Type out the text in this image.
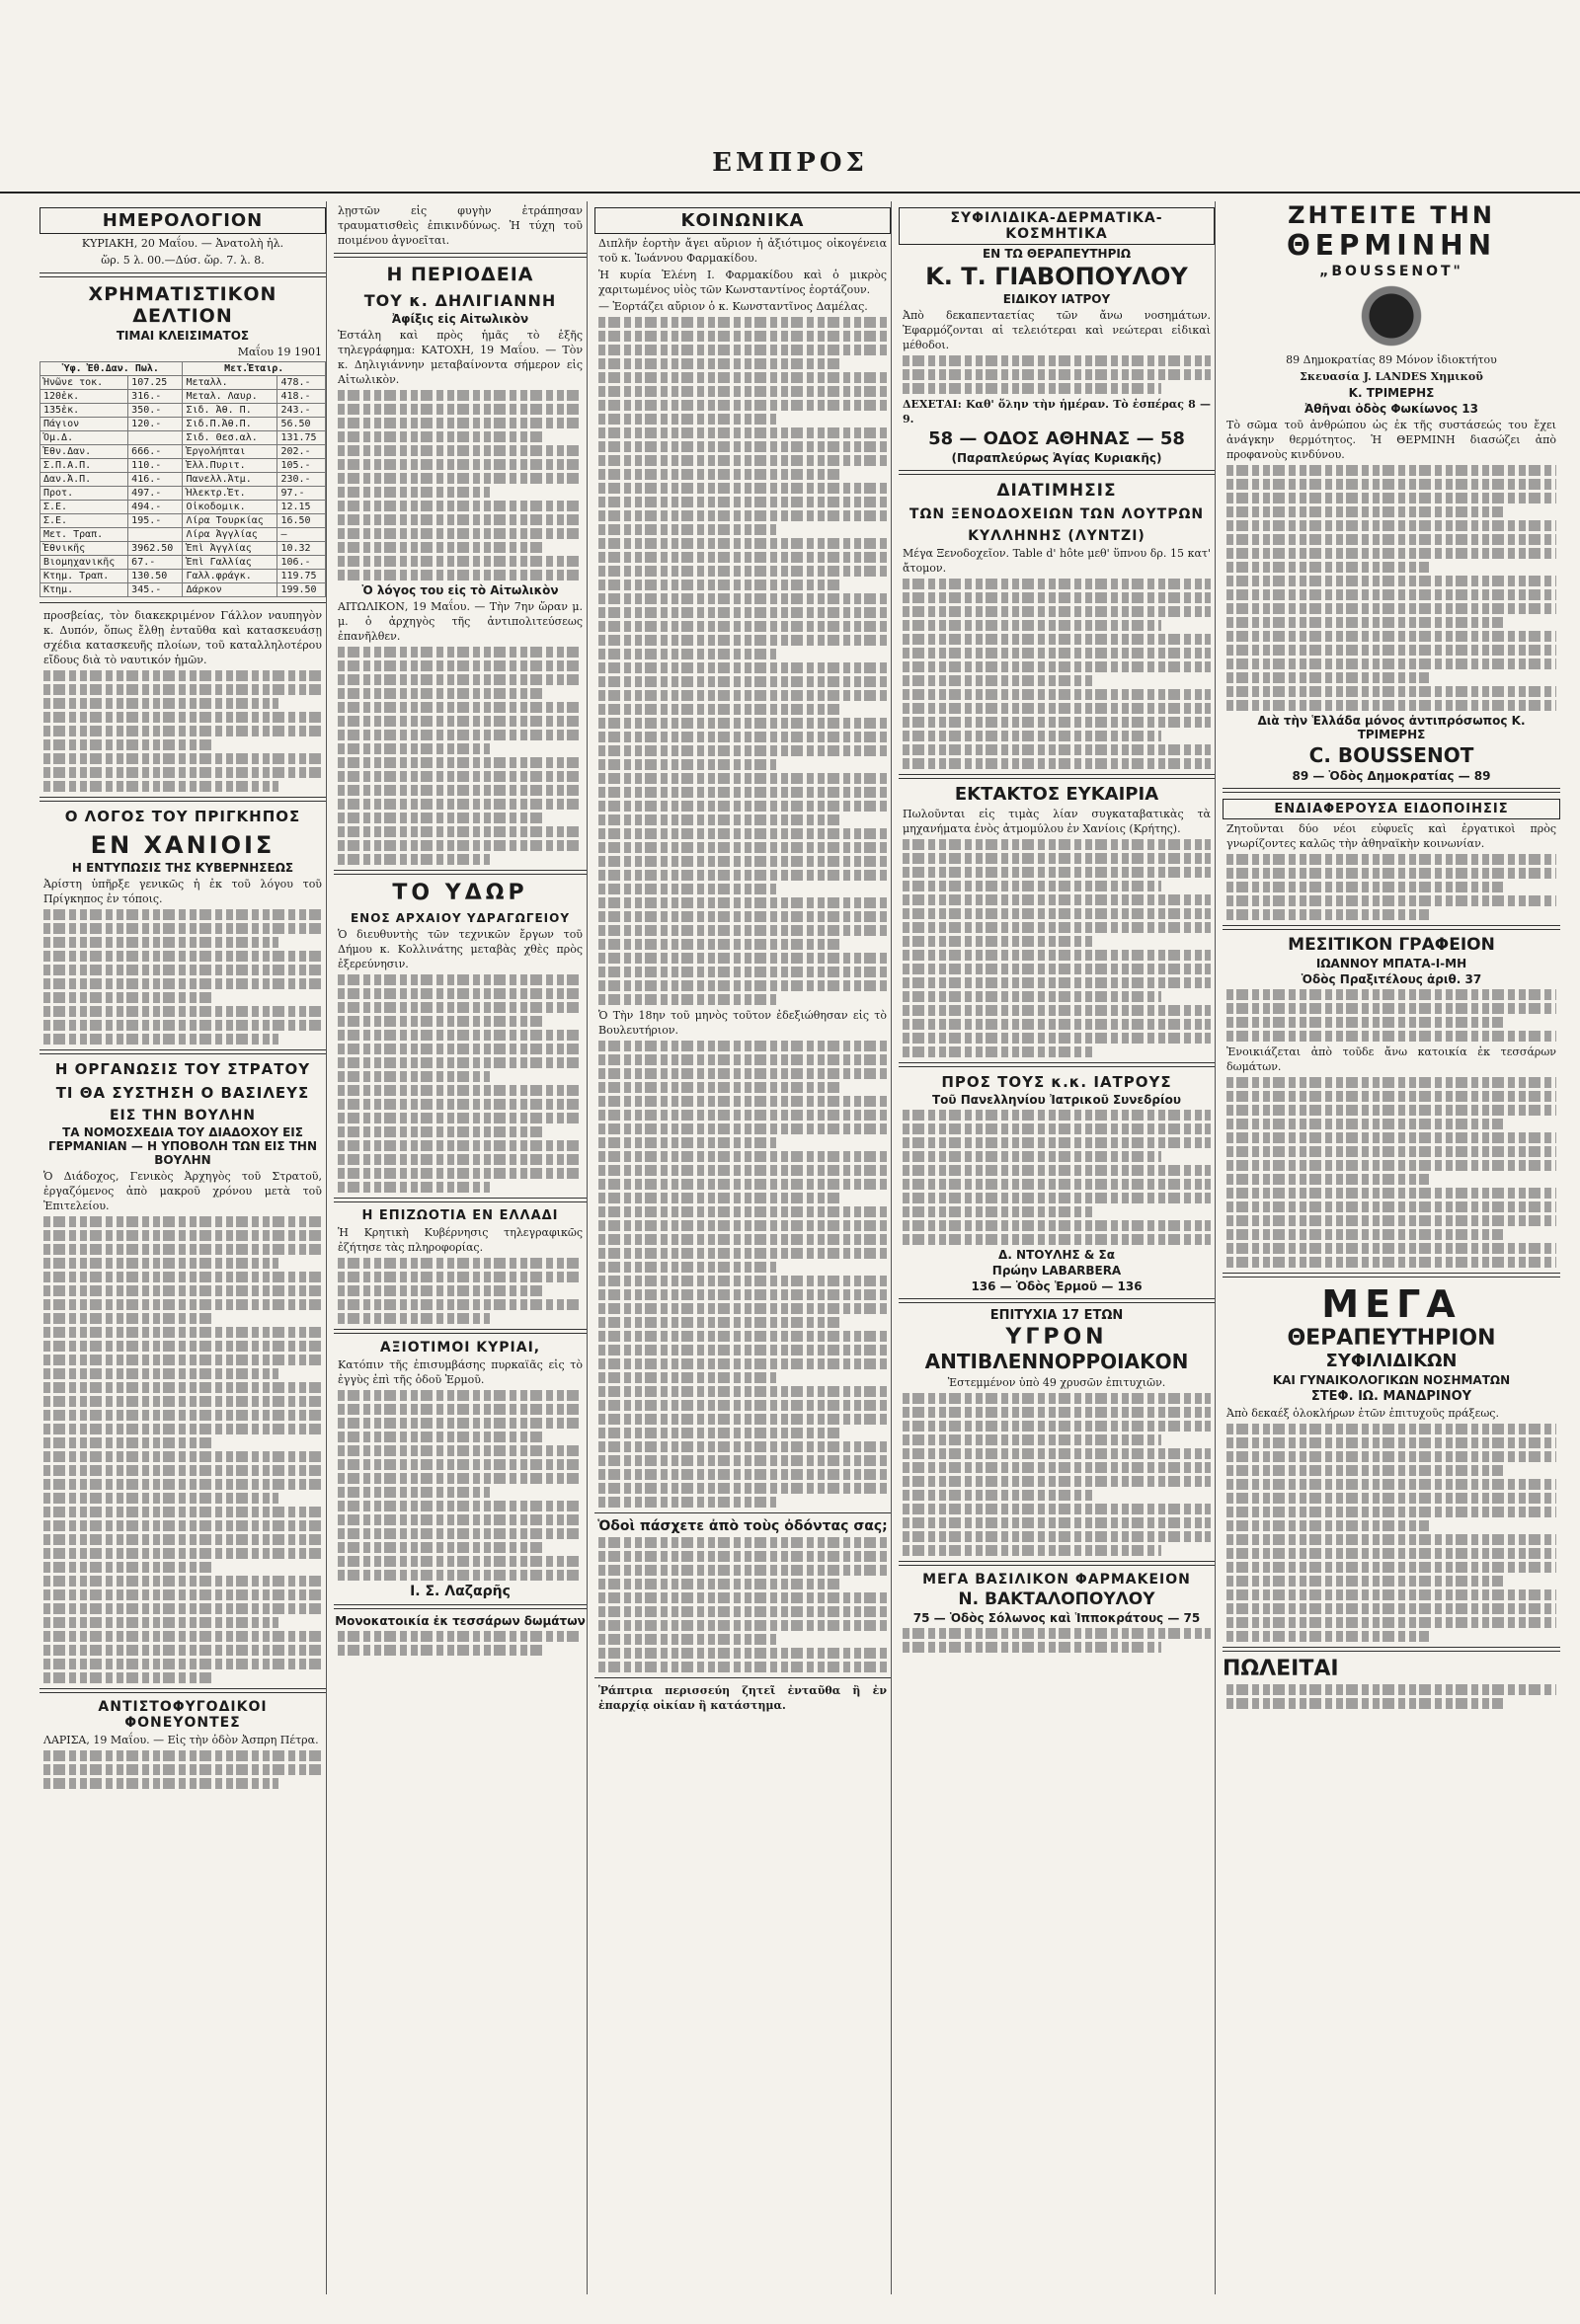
ΕΜΠΡΟΣ
ΗΜΕΡΟΛΟΓΙΟΝ
ΚΥΡΙΑΚΗ, 20 Μαΐου. — Ἀνατολὴ ἡλ.
ὥρ. 5 λ. 00.—Δύσ. ὥρ. 7. λ. 8.
ΧΡΗΜΑΤΙΣΤΙΚΟΝ ΔΕΛΤΙΟΝ
ΤΙΜΑΙ ΚΛΕΙΣΙΜΑΤΟΣ
Μαΐου 19 1901
Ὑφ. Ἐθ.Δαν. Πωλ.		Μετ.Ἑταιρ.	
Ἠνῶνε τοκ.	107.25	Μεταλλ.	478.-
120ἑκ.	316.-	Μεταλ. Λαυρ.	418.-
135ἑκ.	350.-	Σιδ. Ἀθ. Π.	243.-
Πάγιον	120.-	Σιδ.Π.Ἀθ.Π.	56.50
Ὁμ.Δ.		Σιδ. Θεσ.αλ.	131.75
Ἐθν.Δαν.	666.-	Ἐργολήπται	202.-
Σ.Π.Α.Π.	110.-	Ἑλλ.Πυριτ.	105.-
Δαν.Ἀ.Π.	416.-	Πανελλ.Ἀτμ.	230.-
Προτ.	497.-	Ἠλεκτρ.Ἑτ.	97.-
Σ.Ε.	494.-	Οἰκοδομικ.	12.15
Σ.Ε.	195.-	Λίρα Τουρκίας	16.50
Μετ. Τραπ.		Λίρα Ἀγγλίας	—
Ἐθνικῆς	3962.50	Ἐπὶ Ἀγγλίας	10.32
Βιομηχανικῆς	67.-	Ἐπὶ Γαλλίας	106.-
Κτημ. Τραπ.	130.50	Γαλλ.φράγκ.	119.75
Κτημ.	345.-	Δάρκον	199.50
προσβείας, τὸν διακεκριμένον Γάλλον ναυπηγὸν κ. Δυπόν, ὅπως ἔλθῃ ἐνταῦθα καὶ κατασκευάσῃ σχέδια κατασκευῆς πλοίων, τοῦ καταλληλοτέρου εἴδους διὰ τὸ ναυτικόν ἡμῶν.
Ο ΛΟΓΟΣ ΤΟΥ ΠΡΙΓΚΗΠΟΣ
ΕΝ ΧΑΝΙΟΙΣ
Η ΕΝΤΥΠΩΣΙΣ ΤΗΣ ΚΥΒΕΡΝΗΣΕΩΣ
Ἀρίστη ὑπῆρξε γενικῶς ἡ ἐκ τοῦ λόγου τοῦ Πρίγκηπος ἐν τόποις.
Η ΟΡΓΑΝΩΣΙΣ ΤΟΥ ΣΤΡΑΤΟΥ
ΤΙ ΘΑ ΣΥΣΤΗΣΗ Ο ΒΑΣΙΛΕΥΣ
ΕΙΣ ΤΗΝ ΒΟΥΛΗΝ
ΤΑ ΝΟΜΟΣΧΕΔΙΑ ΤΟΥ ΔΙΑΔΟΧΟΥ ΕΙΣ ΓΕΡΜΑΝΙΑΝ — Η ΥΠΟΒΟΛΗ ΤΩΝ ΕΙΣ ΤΗΝ ΒΟΥΛΗΝ
Ὁ Διάδοχος, Γενικὸς Ἀρχηγὸς τοῦ Στρατοῦ, ἐργαζόμενος ἀπὸ μακροῦ χρόνου μετὰ τοῦ Ἐπιτελείου.
ΑΝΤΙΣΤΟΦΥΓΟΔΙΚΟΙ ΦΟΝΕΥΟΝΤΕΣ
ΛΑΡΙΣΑ, 19 Μαΐου. — Εἰς τὴν ὁδὸν Ἀσπρη Πέτρα.
λῃστῶν εἰς φυγὴν ἐτράπησαν τραυματισθεὶς ἐπικινδύνως. Ἡ τύχη τοῦ ποιμένου ἀγνοεῖται.
Η ΠΕΡΙΟΔΕΙΑ
ΤΟΥ κ. ΔΗΛΙΓΙΑΝΝΗ
Ἀφίξις εἰς Αἰτωλικὸν
Ἐστάλη καὶ πρὸς ἡμᾶς τὸ ἑξῆς τηλεγράφημα: ΚΑΤΟΧΗ, 19 Μαΐου. — Τὸν κ. Δηλιγιάννην μεταβαίνοντα σήμερον εἰς Αἰτωλικὸν.
Ὁ λόγος του εἰς τὸ Αἰτωλικὸν
ΑΙΤΩΛΙΚΟΝ, 19 Μαΐου. — Τὴν 7ην ὥραν μ. μ. ὁ ἀρχηγὸς τῆς ἀντιπολιτεύσεως ἐπανῆλθεν.
ΤΟ ΥΔΩΡ
ΕΝΟΣ ΑΡΧΑΙΟΥ ΥΔΡΑΓΩΓΕΙΟΥ
Ὁ διευθυντὴς τῶν τεχνικῶν ἔργων τοῦ Δήμου κ. Κολλινάτης μεταβὰς χθὲς πρὸς ἐξερεύνησιν.
Η ΕΠΙΖΩΟΤΙΑ ΕΝ ΕΛΛΑΔΙ
Ἡ Κρητικὴ Κυβέρνησις τηλεγραφικῶς ἐζήτησε τὰς πληροφορίας.
ΑΞΙΟΤΙΜΟΙ ΚΥΡΙΑΙ,
Κατόπιν τῆς ἐπισυμβάσης πυρκαϊᾶς εἰς τὸ ἐγγὺς ἐπὶ τῆς ὁδοῦ Ἑρμοῦ.
Ι. Σ. Λαζαρῆς
Μονοκατοικία ἐκ τεσσάρων δωμάτων
ΚΟΙΝΩΝΙΚΑ
Διπλῆν ἑορτὴν ἄγει αὔριον ἡ ἀξιότιμος οἰκογένεια τοῦ κ. Ἰωάννου Φαρμακίδου.
Ἡ κυρία Ἑλένη Ι. Φαρμακίδου καὶ ὁ μικρὸς χαριτωμένος υἱὸς τῶν Κωνσταντίνος ἑορτάζουν.
— Ἑορτάζει αὔριον ὁ κ. Κωνσταντῖνος Δαμέλας.
Ὁ Τὴν 18ην τοῦ μηνὸς τοῦτον ἐδεξιώθησαν εἰς τὸ Βουλευτήριον.
Ὁδοὶ πάσχετε ἀπὸ τοὺς ὀδόντας σας;
Ῥάπτρια περισσεύη ζητεῖ ἐνταῦθα ἢ ἐν ἐπαρχίᾳ οἰκίαν ἢ κατάστημα.
ΣΥΦΙΛΙΔΙΚΑ-ΔΕΡΜΑΤΙΚΑ-ΚΟΣΜΗΤΙΚΑ
ΕΝ ΤΩ ΘΕΡΑΠΕΥΤΗΡΙΩ
Κ. Τ. ΓΙΑΒΟΠΟΥΛΟΥ
ΕΙΔΙΚΟΥ ΙΑΤΡΟΥ
Ἀπὸ δεκαπενταετίας τῶν ἄνω νοσημάτων. Ἐφαρμόζονται αἱ τελειότεραι καὶ νεώτεραι εἰδικαὶ μέθοδοι.
ΔΕΧΕΤΑΙ: Καθ' ὅλην τὴν ἡμέραν. Τὸ ἑσπέρας 8 — 9.
58 — ΟΔΟΣ ΑΘΗΝΑΣ — 58
(Παραπλεύρως Ἁγίας Κυριακῆς)
ΔΙΑΤΙΜΗΣΙΣ
ΤΩΝ ΞΕΝΟΔΟΧΕΙΩΝ ΤΩΝ ΛΟΥΤΡΩΝ
ΚΥΛΛΗΝΗΣ (ΛΥΝΤΖΙ)
Μέγα Ξενοδοχεῖον. Table d' hôte μεθ' ὕπνου δρ. 15 κατ' ἄτομον.
ΕΚΤΑΚΤΟΣ ΕΥΚΑΙΡΙΑ
Πωλοῦνται εἰς τιμὰς λίαν συγκαταβατικὰς τὰ μηχανήματα ἐνὸς ἀτμομύλου ἐν Χανίοις (Κρήτης).
ΠΡΟΣ ΤΟΥΣ κ.κ. ΙΑΤΡΟΥΣ
Τοῦ Πανελληνίου Ἰατρικοῦ Συνεδρίου
Δ. ΝΤΟΥΛΗΣ & Σα
Πρώην LABARBERA
136 — Ὁδὸς Ἑρμοῦ — 136
ΕΠΙΤΥΧΙΑ 17 ΕΤΩΝ
ΥΓΡΟΝ
ΑΝΤΙΒΛΕΝΝΟΡΡΟΙΑΚΟΝ
Ἐστεμμένον ὑπὸ 49 χρυσῶν ἐπιτυχιῶν.
ΜΕΓΑ ΒΑΣΙΛΙΚΟΝ ΦΑΡΜΑΚΕΙΟΝ
Ν. ΒΑΚΤΑΛΟΠΟΥΛΟΥ
75 — Ὁδὸς Σόλωνος καὶ Ἱπποκράτους — 75
ΖΗΤΕΙΤΕ ΤΗΝ
ΘΕΡΜΙΝΗΝ
„BOUSSENOT"
89 Δημοκρατίας 89 Μόνον ἰδιοκτήτου
Σκευασία J. LANDES Χημικοῦ
Κ. ΤΡΙΜΕΡΗΣ
Ἀθῆναι ὁδὸς Φωκίωνος 13
Τὸ σῶμα τοῦ ἀνθρώπου ὡς ἐκ τῆς συστάσεώς του ἔχει ἀνάγκην θερμότητος. Ἡ ΘΕΡΜΙΝΗ διασώζει ἀπὸ προφανοὺς κινδύνου.
Διὰ τὴν Ἑλλάδα μόνος ἀντιπρόσωπος Κ. ΤΡΙΜΕΡΗΣ
C. BOUSSENOT
89 — Ὁδὸς Δημοκρατίας — 89
ΕΝΔΙΑΦΕΡΟΥΣΑ ΕΙΔΟΠΟΙΗΣΙΣ
Ζητοῦνται δύο νέοι εὐφυεῖς καὶ ἐργατικοὶ πρὸς γνωρίζοντες καλῶς τὴν ἀθηναϊκὴν κοινωνίαν.
ΜΕΣΙΤΙΚΟΝ ΓΡΑΦΕΙΟΝ
ΙΩΑΝΝΟΥ ΜΠΑΤΑ-Ι-ΜΗ
Ὁδὸς Πραξιτέλους ἀριθ. 37
Ἐνοικιάζεται ἀπὸ τοῦδε ἄνω κατοικία ἐκ τεσσάρων δωμάτων.
ΜΕΓΑ
ΘΕΡΑΠΕΥΤΗΡΙΟΝ
ΣΥΦΙΛΙΔΙΚΩΝ
ΚΑΙ ΓΥΝΑΙΚΟΛΟΓΙΚΩΝ ΝΟΣΗΜΑΤΩΝ
ΣΤΕΦ. ΙΩ. ΜΑΝΔΡΙΝΟΥ
Ἀπὸ δεκαέξ ὁλοκλήρων ἐτῶν ἐπιτυχοῦς πράξεως.
ΠΩΛΕΙΤΑΙ
